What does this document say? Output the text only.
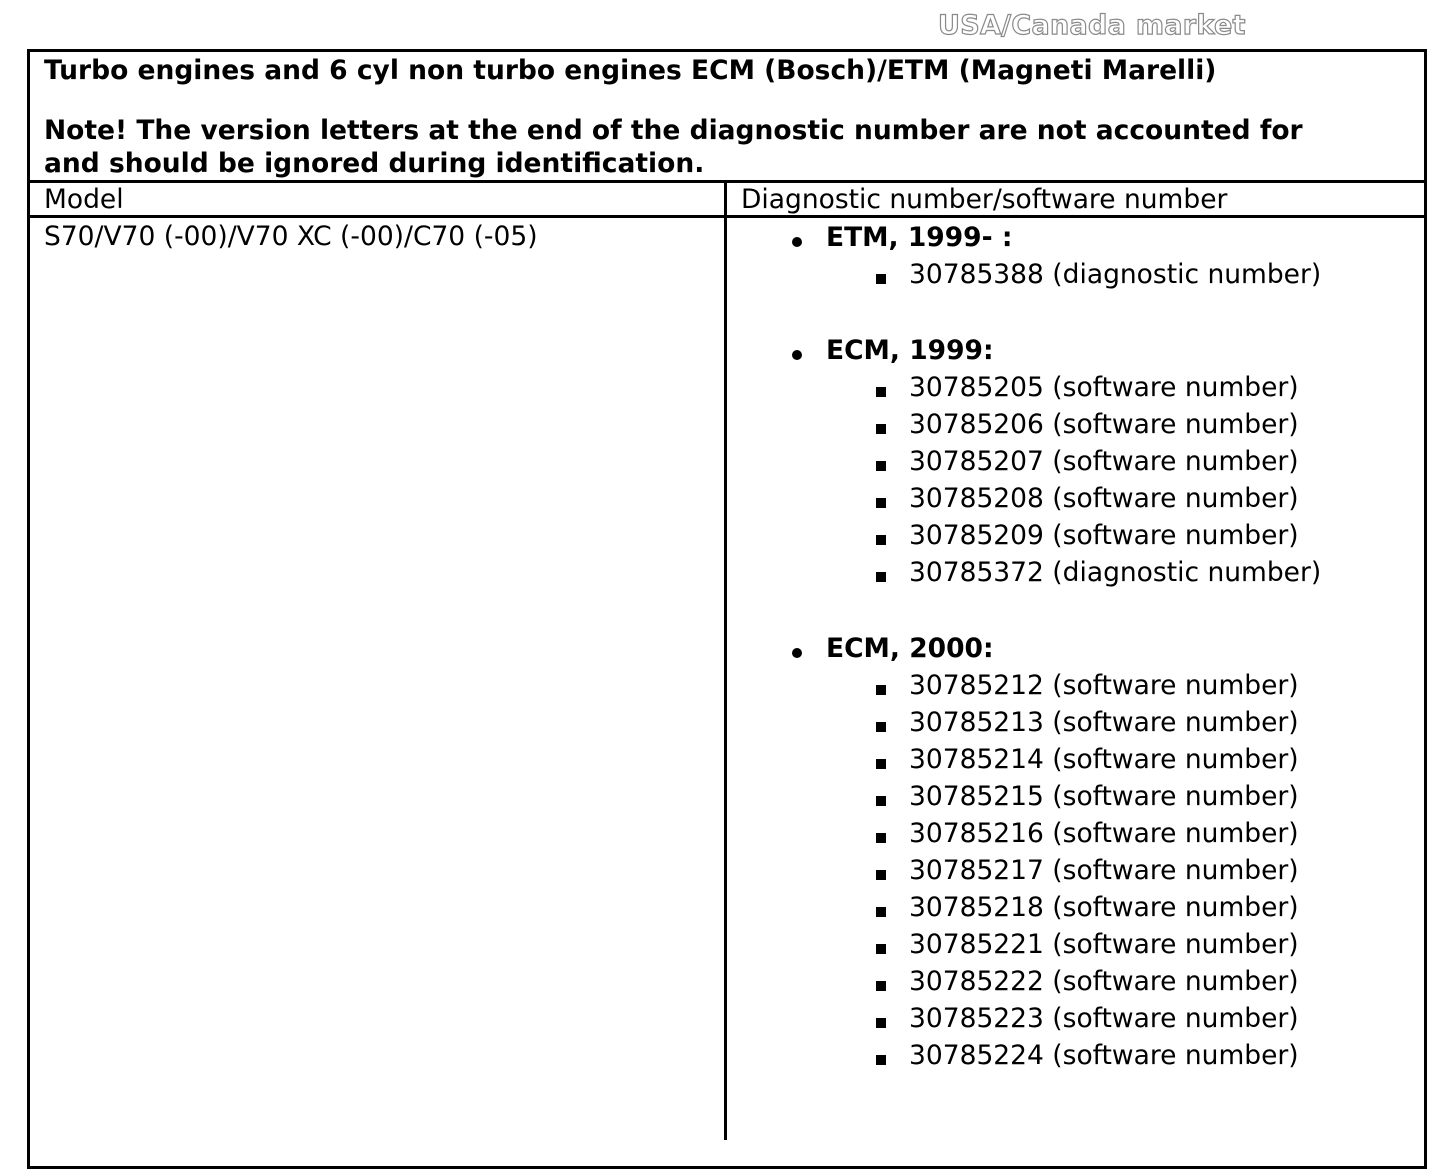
USA/Canada market
Turbo engines and 6 cyl non turbo engines ECM (Bosch)/ETM (Magneti Marelli)
Note! The version letters at the end of the diagnostic number are not accounted for
and should be ignored during identification.
Model	Diagnostic number/software number
S70/V70 (-00)/V70 XC (-00)/C70 (-05)	ETM, 1999- :
30785388 (diagnostic number)
ECM, 1999:
30785205 (software number)
30785206 (software number)
30785207 (software number)
30785208 (software number)
30785209 (software number)
30785372 (diagnostic number)
ECM, 2000:
30785212 (software number)
30785213 (software number)
30785214 (software number)
30785215 (software number)
30785216 (software number)
30785217 (software number)
30785218 (software number)
30785221 (software number)
30785222 (software number)
30785223 (software number)
30785224 (software number)
